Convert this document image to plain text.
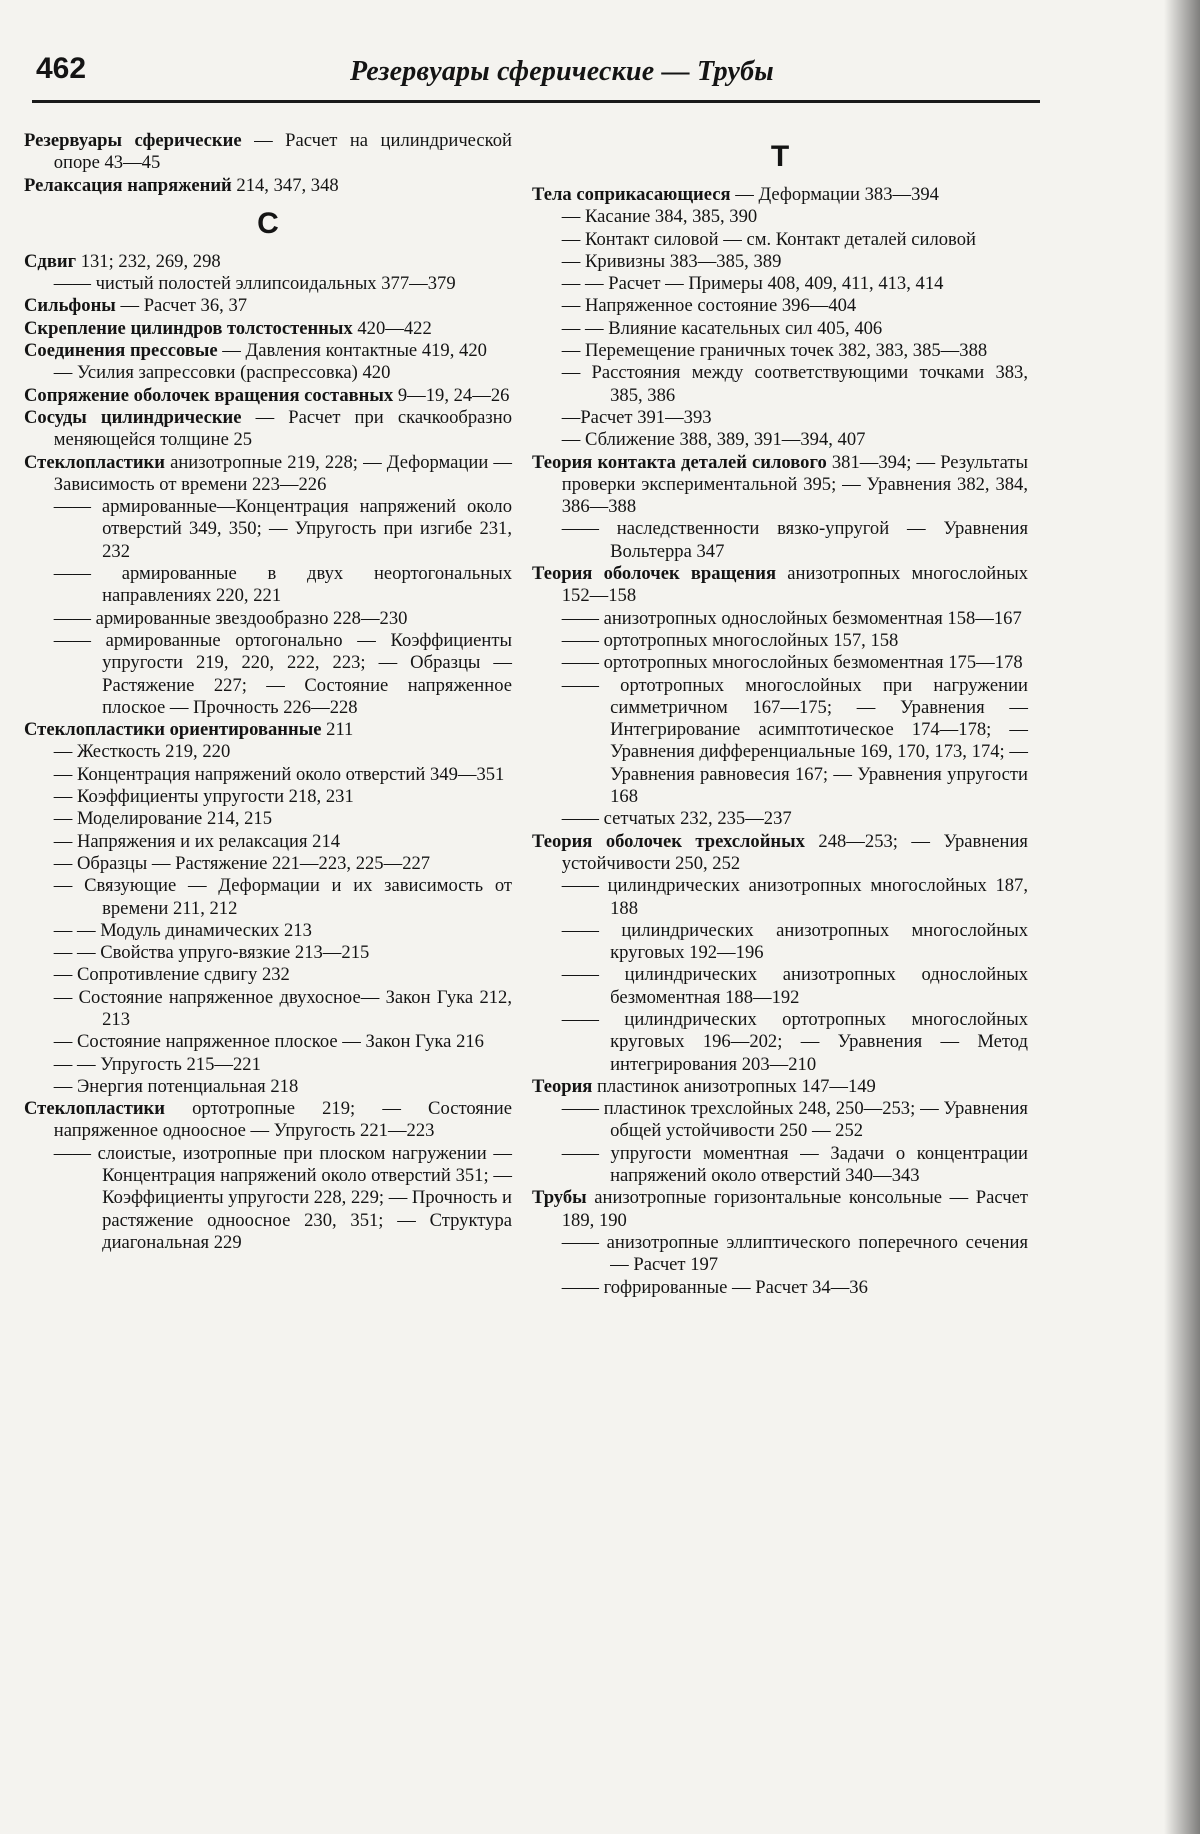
462	Резервуары сферические — Трубы
Резервуары сферические — Расчет на цилиндрической опоре 43—45
Релаксация напряжений 214, 347, 348
С
Сдвиг 131; 232, 269, 298
—— чистый полостей эллипсоидальных 377—379
Сильфоны — Расчет 36, 37
Скрепление цилиндров толстостенных 420—422
Соединения прессовые — Давления контактные 419, 420
— Усилия запрессовки (распрессовка) 420
Сопряжение оболочек вращения составных 9—19, 24—26
Сосуды цилиндрические — Расчет при скачкообразно меняющейся толщине 25
Стеклопластики анизотропные 219, 228; — Деформации — Зависимость от времени 223—226
—— армированные—Концентрация напряжений около отверстий 349, 350; — Упругость при изгибе 231, 232
—— армированные в двух неортогональных направлениях 220, 221
—— армированные звездообразно 228—230
—— армированные ортогонально — Коэффициенты упругости 219, 220, 222, 223; — Образцы — Растяжение 227; — Состояние напряженное плоское — Прочность 226—228
Стеклопластики ориентированные 211
— Жесткость 219, 220
— Концентрация напряжений около отверстий 349—351
— Коэффициенты упругости 218, 231
— Моделирование 214, 215
— Напряжения и их релаксация 214
— Образцы — Растяжение 221—223, 225—227
— Связующие — Деформации и их зависимость от времени 211, 212
— — Модуль динамических 213
— — Свойства упруго-вязкие 213—215
— Сопротивление сдвигу 232
— Состояние напряженное двухосное— Закон Гука 212, 213
— Состояние напряженное плоское — Закон Гука 216
— — Упругость 215—221
— Энергия потенциальная 218
Стеклопластики ортотропные 219; — Состояние напряженное одноосное — Упругость 221—223
—— слоистые, изотропные при плоском нагружении — Концентрация напряжений около отверстий 351; — Коэффициенты упругости 228, 229; — Прочность и растяжение одноосное 230, 351; — Структура диагональная 229
Т
Тела соприкасающиеся — Деформации 383—394
— Касание 384, 385, 390
— Контакт силовой — см. Контакт деталей силовой
— Кривизны 383—385, 389
— — Расчет — Примеры 408, 409, 411, 413, 414
— Напряженное состояние 396—404
— — Влияние касательных сил 405, 406
— Перемещение граничных точек 382, 383, 385—388
— Расстояния между соответствующими точками 383, 385, 386
—Расчет 391—393
— Сближение 388, 389, 391—394, 407
Теория контакта деталей силового 381—394; — Результаты проверки экспериментальной 395; — Уравнения 382, 384, 386—388
—— наследственности вязко-упругой — Уравнения Вольтерра 347
Теория оболочек вращения анизотропных многослойных 152—158
—— анизотропных однослойных безмоментная 158—167
—— ортотропных многослойных 157, 158
—— ортотропных многослойных безмоментная 175—178
—— ортотропных многослойных при нагружении симметричном 167—175; — Уравнения — Интегрирование асимптотическое 174—178; — Уравнения дифференциальные 169, 170, 173, 174; — Уравнения равновесия 167; — Уравнения упругости 168
—— сетчатых 232, 235—237
Теория оболочек трехслойных 248—253; — Уравнения устойчивости 250, 252
—— цилиндрических анизотропных многослойных 187, 188
—— цилиндрических анизотропных многослойных круговых 192—196
—— цилиндрических анизотропных однослойных безмоментная 188—192
—— цилиндрических ортотропных многослойных круговых 196—202; — Уравнения — Метод интегрирования 203—210
Теория пластинок анизотропных 147—149
—— пластинок трехслойных 248, 250—253; — Уравнения общей устойчивости 250 — 252
—— упругости моментная — Задачи о концентрации напряжений около отверстий 340—343
Трубы анизотропные горизонтальные консольные — Расчет 189, 190
—— анизотропные эллиптического поперечного сечения — Расчет 197
—— гофрированные — Расчет 34—36
